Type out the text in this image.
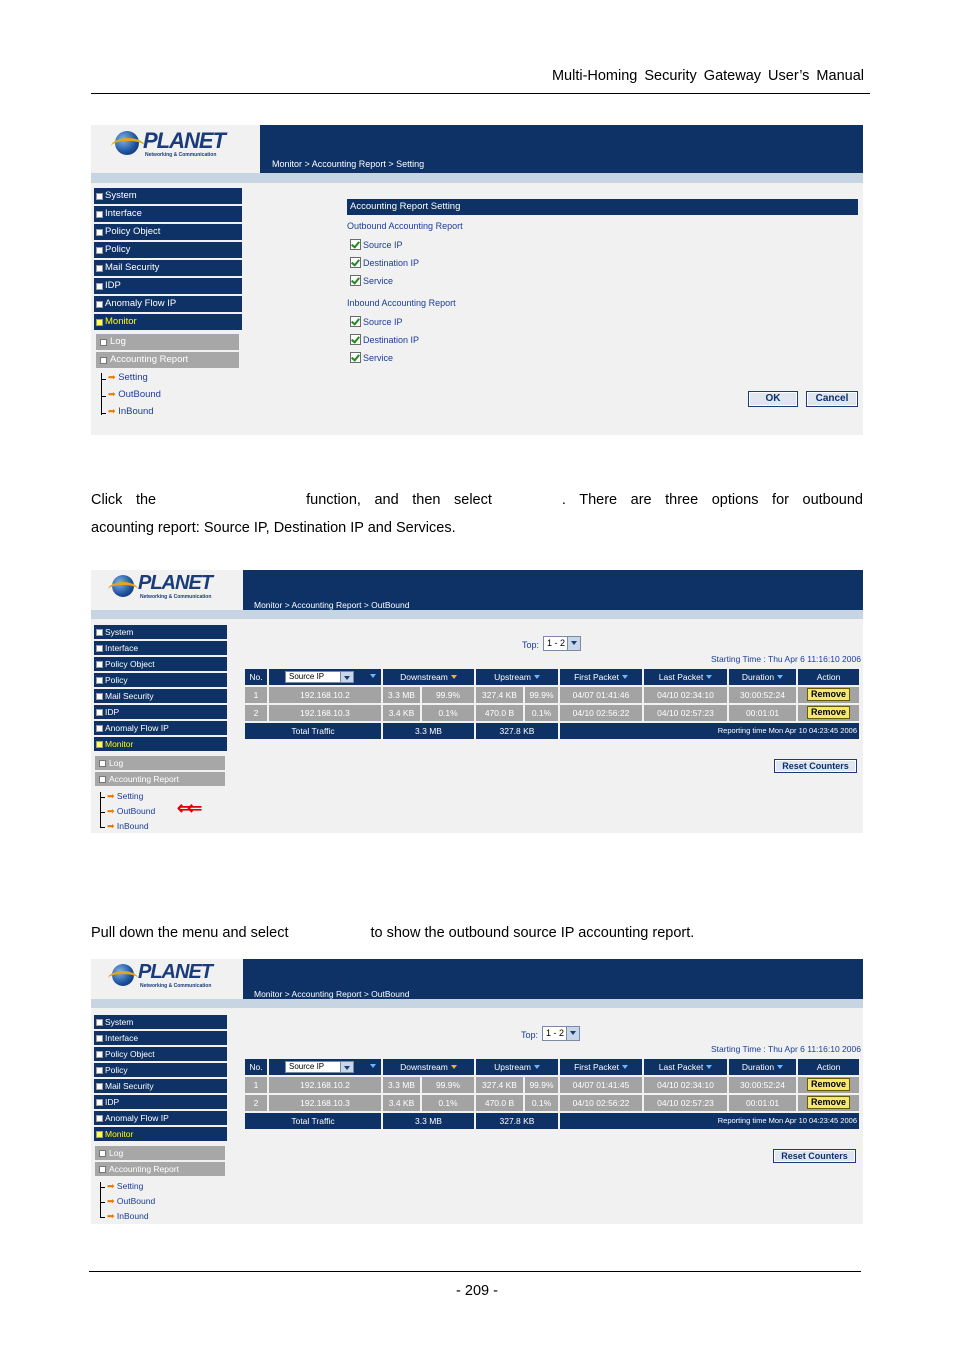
Multi-Homing Security Gateway User’s Manual
PLANET
Networking & Communication
Monitor > Accounting Report > Setting
System
Interface
Policy Object
Policy
Mail Security
IDP
Anomaly Flow IP
Monitor
Log
Accounting Report
➡ Setting
➡ OutBound
➡ InBound
Accounting Report Setting
Outbound Accounting Report
Source IP
Destination IP
Service
Inbound Accounting Report
Source IP
Destination IP
Service
OK	Cancel

Click the	function, and then select	. There are three options for outbound

acounting report: Source IP, Destination IP and Services.

PLANET
Networking & Communication
Monitor > Accounting Report > OutBound
System
Interface
Policy Object
Policy
Mail Security
IDP
Anomaly Flow IP
Monitor
Log
Accounting Report
➡ Setting
➡ OutBound
➡ InBound
⇐⇐
Top: 1 - 2
Starting Time : Thu Apr 6 11:16:10 2006
No.	Source IP	Downstream	Upstream	First Packet	Last Packet	Duration	Action
1	192.168.10.2	3.3 MB	99.9%	327.4 KB	99.9%	04/07 01:41:46	04/10 02:34:10	30:00:52:24	Remove
2	192.168.10.3	3.4 KB	0.1%	470.0 B	0.1%	04/10 02:56:22	04/10 02:57:23	00:01:01	Remove
Total Traffic	3.3 MB	327.8 KB	Reporting time Mon Apr 10 04:23:45 2006
Reset Counters

Pull down the menu and select	to show the outbound source IP accounting report.

PLANET
Networking & Communication
Monitor > Accounting Report > OutBound
System
Interface
Policy Object
Policy
Mail Security
IDP
Anomaly Flow IP
Monitor
Log
Accounting Report
➡ Setting
➡ OutBound
➡ InBound
Top: 1 - 2
Starting Time : Thu Apr 6 11:16:10 2006
No.	Source IP	Downstream	Upstream	First Packet	Last Packet	Duration	Action
1	192.168.10.2	3.3 MB	99.9%	327.4 KB	99.9%	04/07 01:41:45	04/10 02:34:10	30:00:52:24	Remove
2	192.168.10.3	3.4 KB	0.1%	470.0 B	0.1%	04/10 02:56:22	04/10 02:57:23	00:01:01	Remove
Total Traffic	3.3 MB	327.8 KB	Reporting time Mon Apr 10 04:23:45 2006
Reset Counters
- 209 -
